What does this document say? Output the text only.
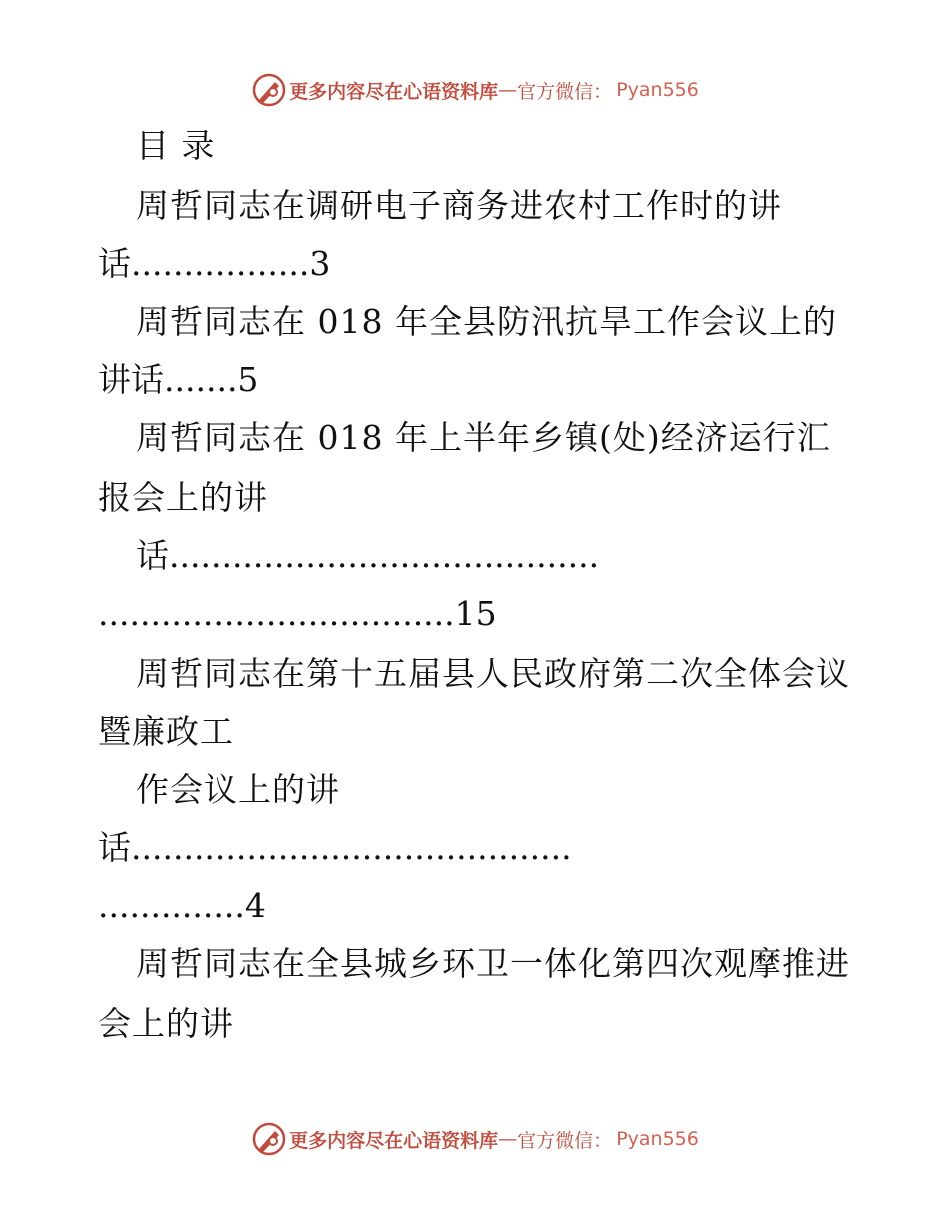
更多内容尽在心语资料库 — 官方微信： Pyan556
目 录
周哲同志在调研电子商务进农村工作时的讲
话.................3
周哲同志在 018 年全县防汛抗旱工作会议上的
讲话.......5
周哲同志在 018 年上半年乡镇(处)经济运行汇
报会上的讲
话.........................................
..................................15
周哲同志在第十五届县人民政府第二次全体会议
暨廉政工
作会议上的讲
话..........................................
..............4
周哲同志在全县城乡环卫一体化第四次观摩推进
会上的讲
更多内容尽在心语资料库 — 官方微信： Pyan556
